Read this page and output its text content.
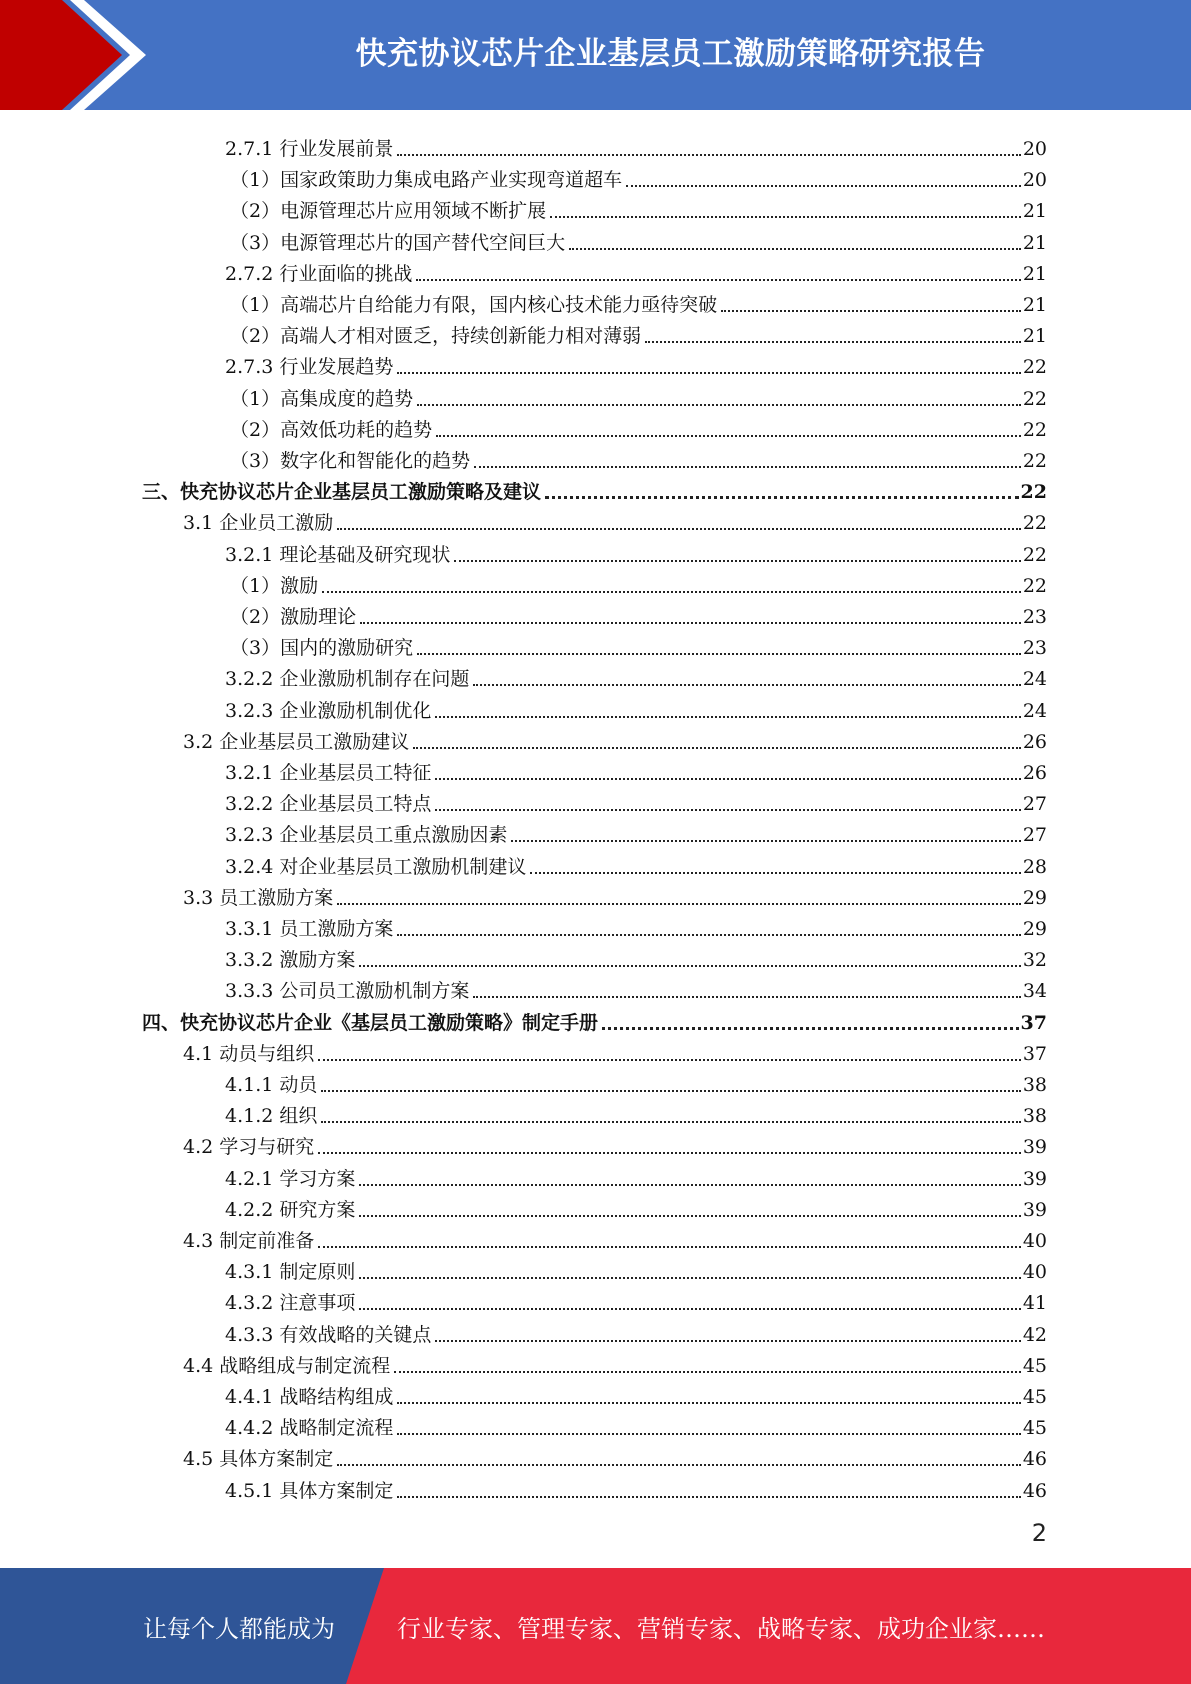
快充协议芯片企业基层员工激励策略研究报告
2.7.1 行业发展前景	20
（1）国家政策助力集成电路产业实现弯道超车	20
（2）电源管理芯片应用领域不断扩展	21
（3）电源管理芯片的国产替代空间巨大	21
2.7.2 行业面临的挑战	21
（1）高端芯片自给能力有限，国内核心技术能力亟待突破	21
（2）高端人才相对匮乏，持续创新能力相对薄弱	21
2.7.3 行业发展趋势	22
（1）高集成度的趋势	22
（2）高效低功耗的趋势	22
（3）数字化和智能化的趋势	22
三、快充协议芯片企业基层员工激励策略及建议	22
3.1 企业员工激励	22
3.2.1 理论基础及研究现状	22
（1）激励	22
（2）激励理论	23
（3）国内的激励研究	23
3.2.2 企业激励机制存在问题	24
3.2.3 企业激励机制优化	24
3.2 企业基层员工激励建议	26
3.2.1 企业基层员工特征	26
3.2.2 企业基层员工特点	27
3.2.3 企业基层员工重点激励因素	27
3.2.4 对企业基层员工激励机制建议	28
3.3 员工激励方案	29
3.3.1 员工激励方案	29
3.3.2 激励方案	32
3.3.3 公司员工激励机制方案	34
四、快充协议芯片企业《基层员工激励策略》制定手册	37
4.1 动员与组织	37
4.1.1 动员	38
4.1.2 组织	38
4.2 学习与研究	39
4.2.1 学习方案	39
4.2.2 研究方案	39
4.3 制定前准备	40
4.3.1 制定原则	40
4.3.2 注意事项	41
4.3.3 有效战略的关键点	42
4.4 战略组成与制定流程	45
4.4.1 战略结构组成	45
4.4.2 战略制定流程	45
4.5 具体方案制定	46
4.5.1 具体方案制定	46
2
让每个人都能成为	行业专家、管理专家、营销专家、战略专家、成功企业家……
